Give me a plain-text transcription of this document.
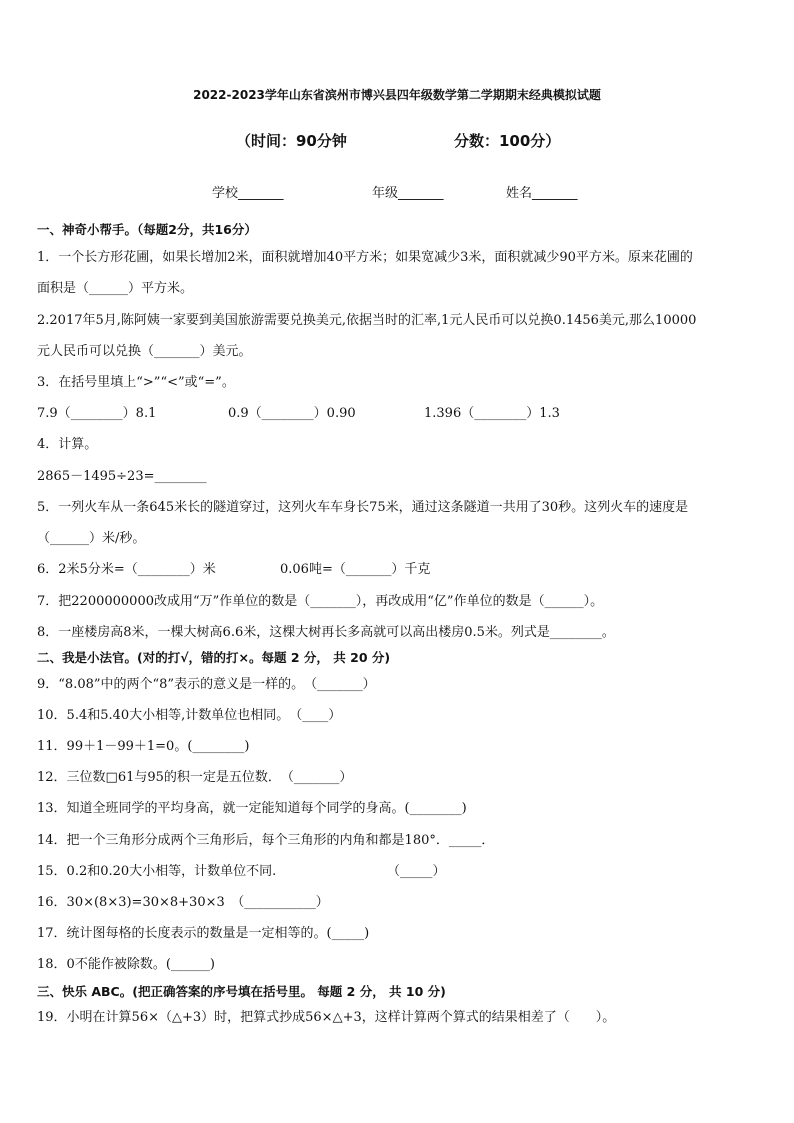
2022-2023学年山东省滨州市博兴县四年级数学第二学期期末经典模拟试题
（时间：90分钟	分数：100分）
学校_______	年级_______	姓名_______
一、神奇小帮手。（每题2分，共16分）
1．一个长方形花圃，如果长增加2米，面积就增加40平方米；如果宽减少3米，面积就减少90平方米。原来花圃的
面积是（______）平方米。
2.2017年5月,陈阿姨一家要到美国旅游需要兑换美元,依据当时的汇率,1元人民币可以兑换0.1456美元,那么10000
元人民币可以兑换（_______）美元。
3．在括号里填上“>”“<”或“=”。
7.9（________）8.1	0.9（________）0.90	1.396（________）1.3
4．计算。
2865－1495÷23=________
5．一列火车从一条645米长的隧道穿过，这列火车车身长75米，通过这条隧道一共用了30秒。这列火车的速度是
（______）米/秒。
6．2米5分米=（________）米	0.06吨=（_______）千克
7．把2200000000改成用“万”作单位的数是（_______），再改成用“亿”作单位的数是（______）。
8．一座楼房高8米，一棵大树高6.6米，这棵大树再长多高就可以高出楼房0.5米。列式是________。
二、我是小法官。(对的打√，错的打×。每题 2 分， 共 20 分)
9．“8.08”中的两个“8”表示的意义是一样的。　（_______）
10．5.4和5.40大小相等,计数单位也相同。　（____）
11．99＋1－99＋1=0。(________)
12．三位数□61与95的积一定是五位数．　（_______）
13．知道全班同学的平均身高，就一定能知道每个同学的身高。(________)
14．把一个三角形分成两个三角形后，每个三角形的内角和都是180°．_____．
15．0.2和0.20大小相等，计数单位不同.	（_____）
16．30×(8×3)=30×8+30×3　（___________）
17．统计图每格的长度表示的数量是一定相等的。(_____)
18．0不能作被除数。(______)
三、快乐 ABC。(把正确答案的序号填在括号里。 每题 2 分， 共 10 分)
19．小明在计算56×（△+3）时，把算式抄成56×△+3，这样计算两个算式的结果相差了（　　）。
